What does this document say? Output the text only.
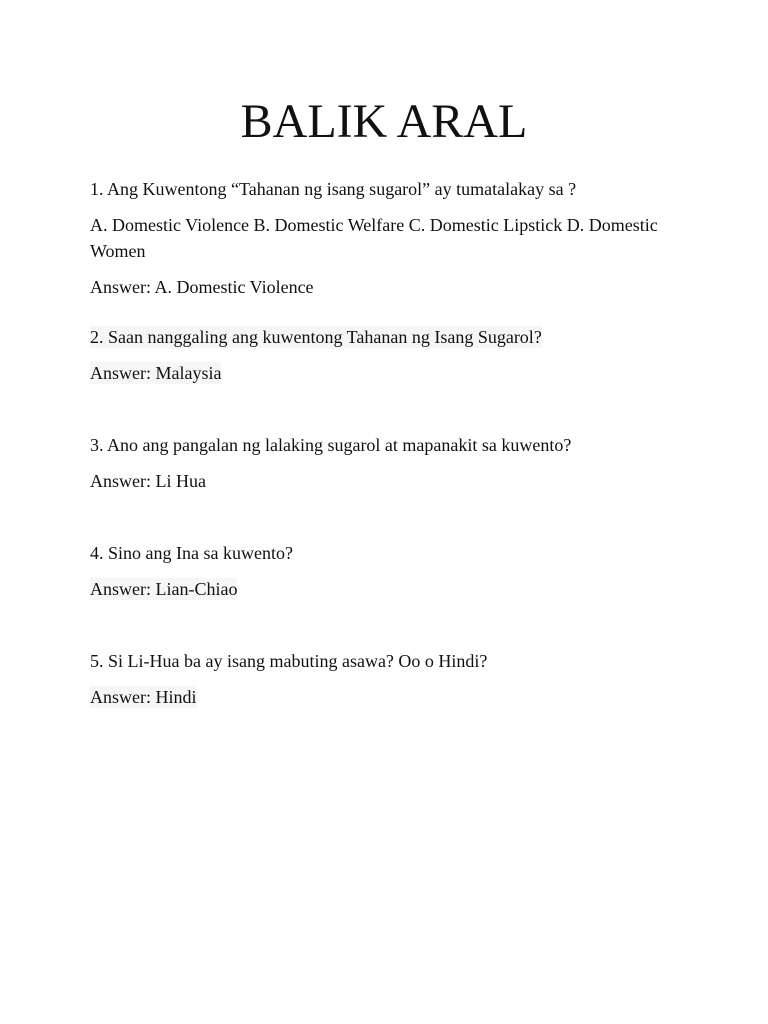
BALIK ARAL

1. Ang Kuwentong “Tahanan ng isang sugarol” ay tumatalakay sa ?

A. Domestic Violence B. Domestic Welfare C. Domestic Lipstick D. Domestic Women

Answer: A. Domestic Violence

2. Saan nanggaling ang kuwentong Tahanan ng Isang Sugarol?

Answer: Malaysia

3. Ano ang pangalan ng lalaking sugarol at mapanakit sa kuwento?

Answer: Li Hua

4. Sino ang Ina sa kuwento?

Answer: Lian-Chiao

5. Si Li-Hua ba ay isang mabuting asawa? Oo o Hindi?

Answer: Hindi
